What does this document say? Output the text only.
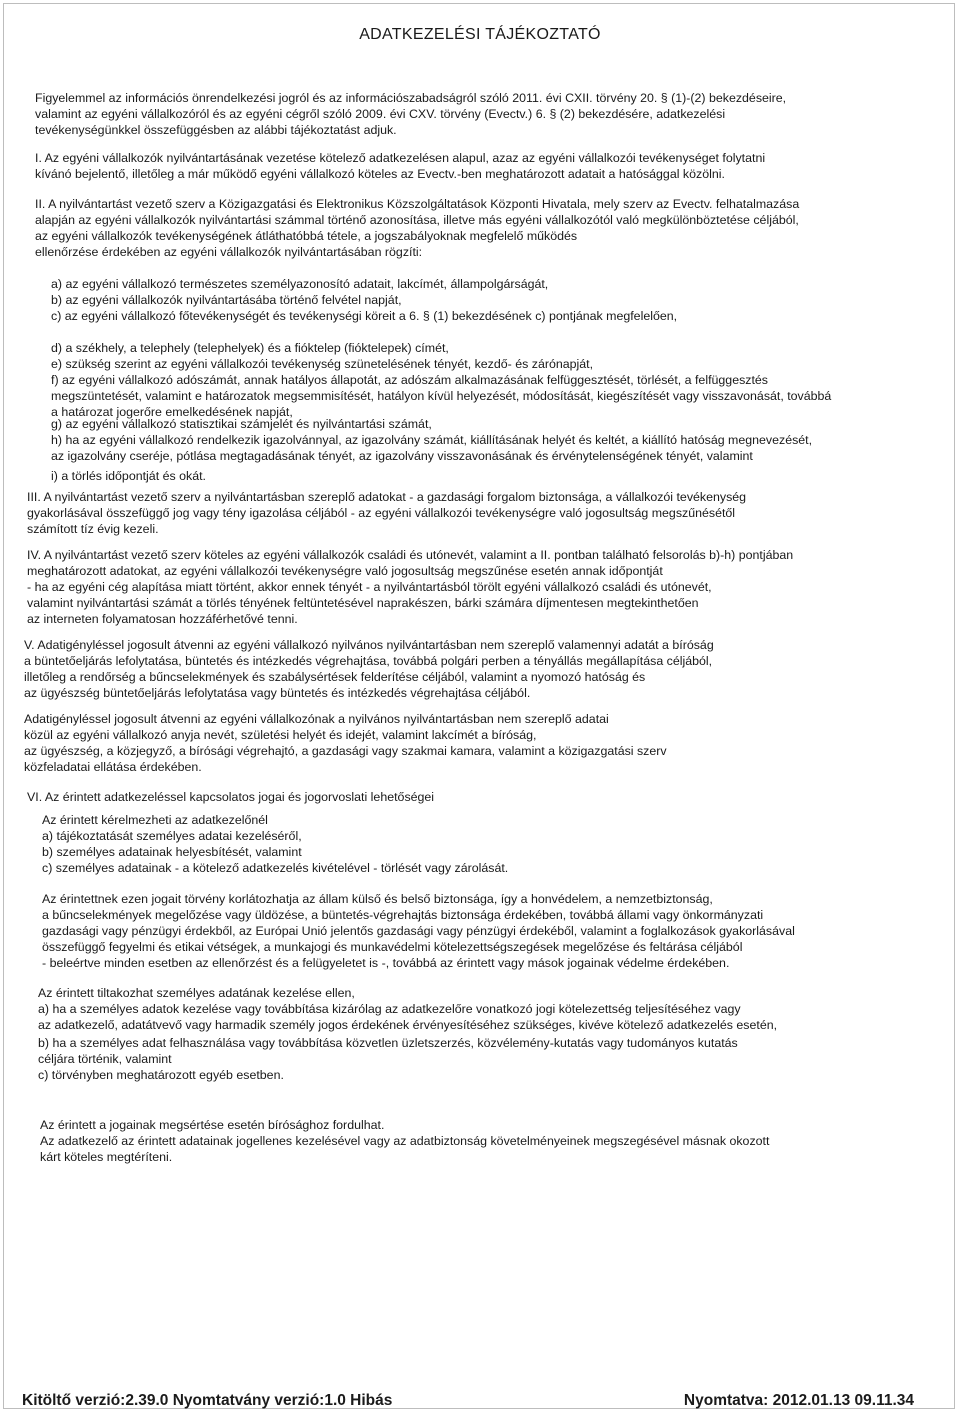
ADATKEZELÉSI TÁJÉKOZTATÓ
Figyelemmel az információs önrendelkezési jogról és az információszabadságról szóló 2011. évi CXII. törvény 20. § (1)-(2) bekezdéseire,
valamint az egyéni vállalkozóról és az egyéni cégről szóló 2009. évi CXV. törvény (Evectv.) 6. § (2) bekezdésére, adatkezelési
tevékenységünkkel összefüggésben az alábbi tájékoztatást adjuk.
I. Az egyéni vállalkozók nyilvántartásának vezetése kötelező adatkezelésen alapul, azaz az egyéni vállalkozói tevékenységet folytatni
kívánó bejelentő, illetőleg a már működő egyéni vállalkozó köteles az Evectv.-ben meghatározott adatait a hatósággal közölni.
II. A nyilvántartást vezető szerv a Közigazgatási és Elektronikus Közszolgáltatások Központi Hivatala, mely szerv az Evectv. felhatalmazása
alapján az egyéni vállalkozók nyilvántartási számmal történő azonosítása, illetve más egyéni vállalkozótól való megkülönböztetése céljából,
az egyéni vállalkozók tevékenységének átláthatóbbá tétele, a jogszabályoknak megfelelő működés
ellenőrzése érdekében az egyéni vállalkozók nyilvántartásában rögzíti:
a) az egyéni vállalkozó természetes személyazonosító adatait, lakcímét, állampolgárságát,
b) az egyéni vállalkozók nyilvántartásába történő felvétel napját,
c) az egyéni vállalkozó főtevékenységét és tevékenységi köreit a 6. § (1) bekezdésének c) pontjának megfelelően,
d) a székhely, a telephely (telephelyek) és a fióktelep (fióktelepek) címét,
e) szükség szerint az egyéni vállalkozói tevékenység szünetelésének tényét, kezdő- és zárónapját,
f) az egyéni vállalkozó adószámát, annak hatályos állapotát, az adószám alkalmazásának felfüggesztését, törlését, a felfüggesztés
megszüntetését, valamint e határozatok megsemmisítését, hatályon kívül helyezését, módosítását, kiegészítését vagy visszavonását, továbbá
a határozat jogerőre emelkedésének napját,
g) az egyéni vállalkozó statisztikai számjelét és nyilvántartási számát,
h) ha az egyéni vállalkozó rendelkezik igazolvánnyal, az igazolvány számát, kiállításának helyét és keltét, a kiállító hatóság megnevezését,
az igazolvány cseréje, pótlása megtagadásának tényét, az igazolvány visszavonásának és érvénytelenségének tényét, valamint
i) a törlés időpontját és okát.
III. A nyilvántartást vezető szerv a nyilvántartásban szereplő adatokat - a gazdasági forgalom biztonsága, a vállalkozói tevékenység
gyakorlásával összefüggő jog vagy tény igazolása céljából - az egyéni vállalkozói tevékenységre való jogosultság megszűnésétől
számított tíz évig kezeli.
IV. A nyilvántartást vezető szerv köteles az egyéni vállalkozók családi és utónevét, valamint a II. pontban található felsorolás b)-h) pontjában
meghatározott adatokat, az egyéni vállalkozói tevékenységre való jogosultság megszűnése esetén annak időpontját
- ha az egyéni cég alapítása miatt történt, akkor ennek tényét - a nyilvántartásból törölt egyéni vállalkozó családi és utónevét,
valamint nyilvántartási számát a törlés tényének feltüntetésével naprakészen, bárki számára díjmentesen megtekinthetően
az interneten folyamatosan hozzáférhetővé tenni.
V. Adatigényléssel jogosult átvenni az egyéni vállalkozó nyilvános nyilvántartásban nem szereplő valamennyi adatát a bíróság
a büntetőeljárás lefolytatása, büntetés és intézkedés végrehajtása, továbbá polgári perben a tényállás megállapítása céljából,
illetőleg a rendőrség a bűncselekmények és szabálysértések felderítése céljából, valamint a nyomozó hatóság és
az ügyészség büntetőeljárás lefolytatása vagy büntetés és intézkedés végrehajtása céljából.
Adatigényléssel jogosult átvenni az egyéni vállalkozónak a nyilvános nyilvántartásban nem szereplő adatai
közül az egyéni vállalkozó anyja nevét, születési helyét és idejét, valamint lakcímét a bíróság,
az ügyészség, a közjegyző, a bírósági végrehajtó, a gazdasági vagy szakmai kamara, valamint a közigazgatási szerv
közfeladatai ellátása érdekében.
VI. Az érintett adatkezeléssel kapcsolatos jogai és jogorvoslati lehetőségei
Az érintett kérelmezheti az adatkezelőnél
a) tájékoztatását személyes adatai kezeléséről,
b) személyes adatainak helyesbítését, valamint
c) személyes adatainak - a kötelező adatkezelés kivételével - törlését vagy zárolását.
Az érintettnek ezen jogait törvény korlátozhatja az állam külső és belső biztonsága, így a honvédelem, a nemzetbiztonság,
a bűncselekmények megelőzése vagy üldözése, a büntetés-végrehajtás biztonsága érdekében, továbbá állami vagy önkormányzati
gazdasági vagy pénzügyi érdekből, az Európai Unió jelentős gazdasági vagy pénzügyi érdekéből, valamint a foglalkozások gyakorlásával
összefüggő fegyelmi és etikai vétségek, a munkajogi és munkavédelmi kötelezettségszegések megelőzése és feltárása céljából
- beleértve minden esetben az ellenőrzést és a felügyeletet is -, továbbá az érintett vagy mások jogainak védelme érdekében.
Az érintett tiltakozhat személyes adatának kezelése ellen,
a) ha a személyes adatok kezelése vagy továbbítása kizárólag az adatkezelőre vonatkozó jogi kötelezettség teljesítéséhez vagy
az adatkezelő, adatátvevő vagy harmadik személy jogos érdekének érvényesítéséhez szükséges, kivéve kötelező adatkezelés esetén,
b) ha a személyes adat felhasználása vagy továbbítása közvetlen üzletszerzés, közvélemény-kutatás vagy tudományos kutatás
céljára történik, valamint
c) törvényben meghatározott egyéb esetben.
Az érintett a jogainak megsértése esetén bírósághoz fordulhat.
Az adatkezelő az érintett adatainak jogellenes kezelésével vagy az adatbiztonság követelményeinek megszegésével másnak okozott
kárt köteles megtéríteni.
Kitöltő verzió:2.39.0 Nyomtatvány verzió:1.0 Hibás	Nyomtatva: 2012.01.13 09.11.34
